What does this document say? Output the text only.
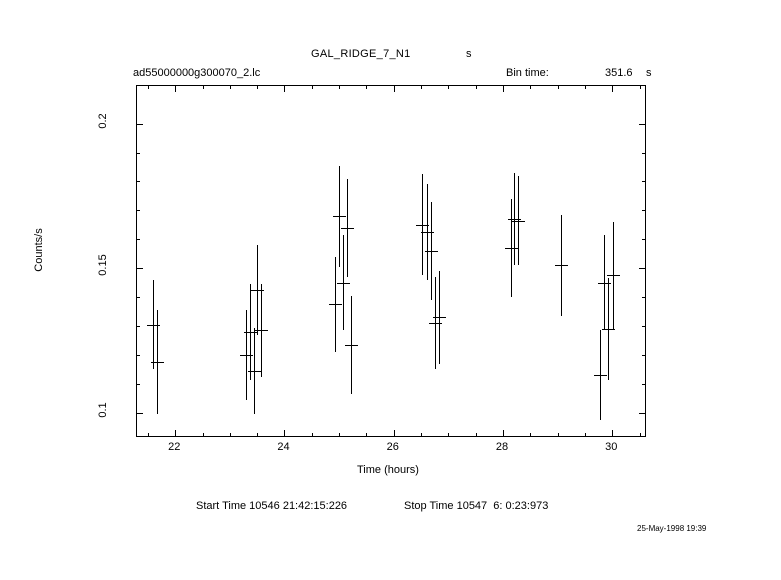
GAL_RIDGE_7_N1	s
ad55000000g300070_2.lc	Bin time:	351.6 s
Time (hours)
Counts/s
Start Time 10546 21:42:15:226	Stop Time 10547  6: 0:23:973
25-May-1998 19:39
22	24	26	28	30
0.1
0.15
0.2
